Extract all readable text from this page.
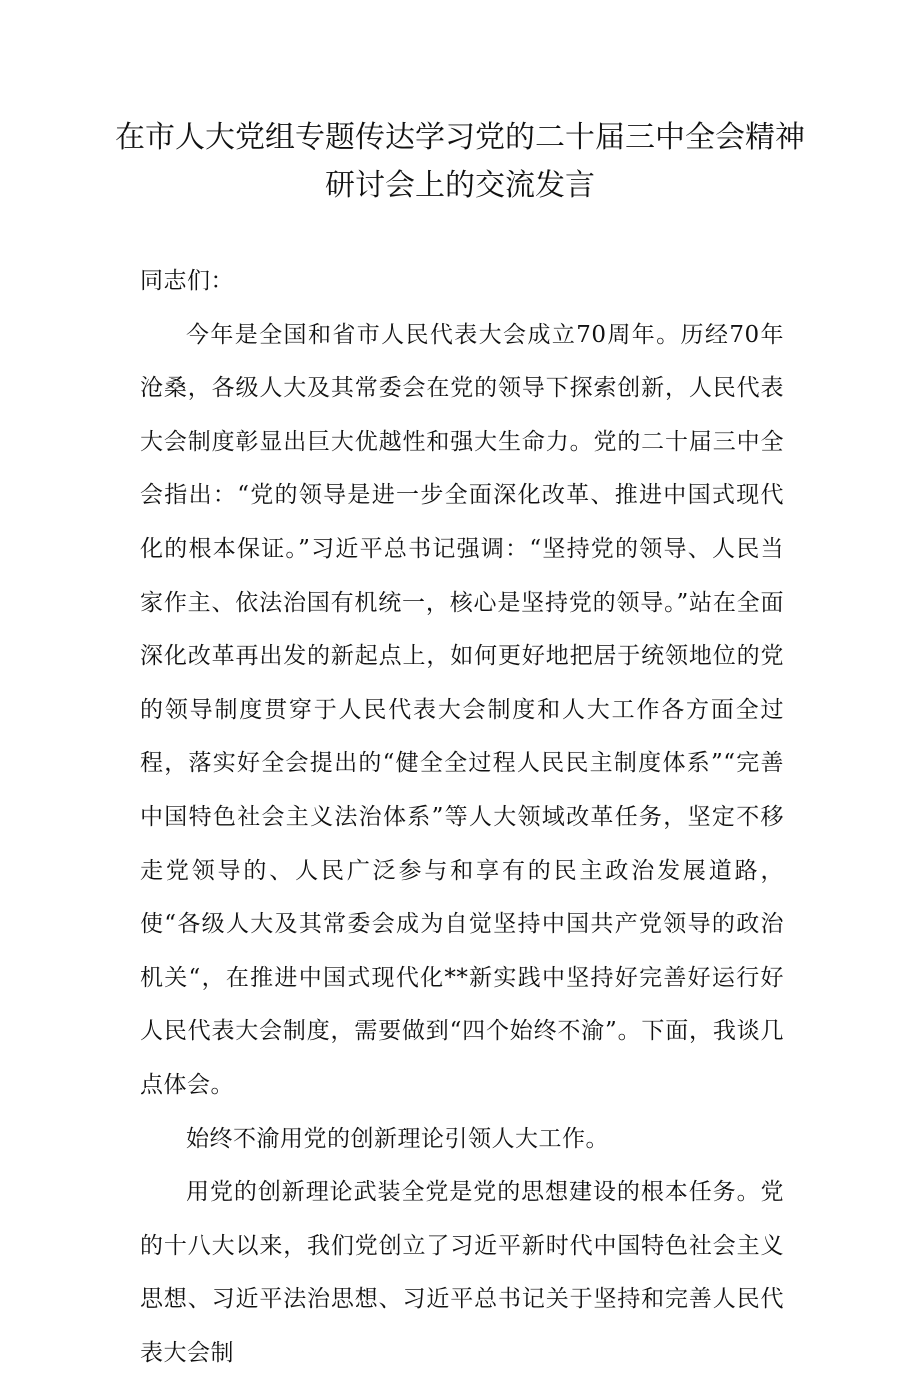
在市人大党组专题传达学习党的二十届三中全会精神
研讨会上的交流发言

同志们：

今年是全国和省市人民代表大会成立70周年。历经70年沧桑，各级人大及其常委会在党的领导下探索创新，人民代表大会制度彰显出巨大优越性和强大生命力。党的二十届三中全会指出：“党的领导是进一步全面深化改革、推进中国式现代化的根本保证。”习近平总书记强调：“坚持党的领导、人民当家作主、依法治国有机统一，核心是坚持党的领导。”站在全面深化改革再出发的新起点上，如何更好地把居于统领地位的党的领导制度贯穿于人民代表大会制度和人大工作各方面全过程，落实好全会提出的“健全全过程人民民主制度体系”“完善中国特色社会主义法治体系”等人大领域改革任务，坚定不移走党领导的、人民广泛参与和享有的民主政治发展道路，使“各级人大及其常委会成为自觉坚持中国共产党领导的政治机关“，在推进中国式现代化**新实践中坚持好完善好运行好人民代表大会制度，需要做到“四个始终不渝”。下面，我谈几点体会。

始终不渝用党的创新理论引领人大工作。

用党的创新理论武装全党是党的思想建设的根本任务。党的十八大以来，我们党创立了习近平新时代中国特色社会主义思想、习近平法治思想、习近平总书记关于坚持和完善人民代表大会制
